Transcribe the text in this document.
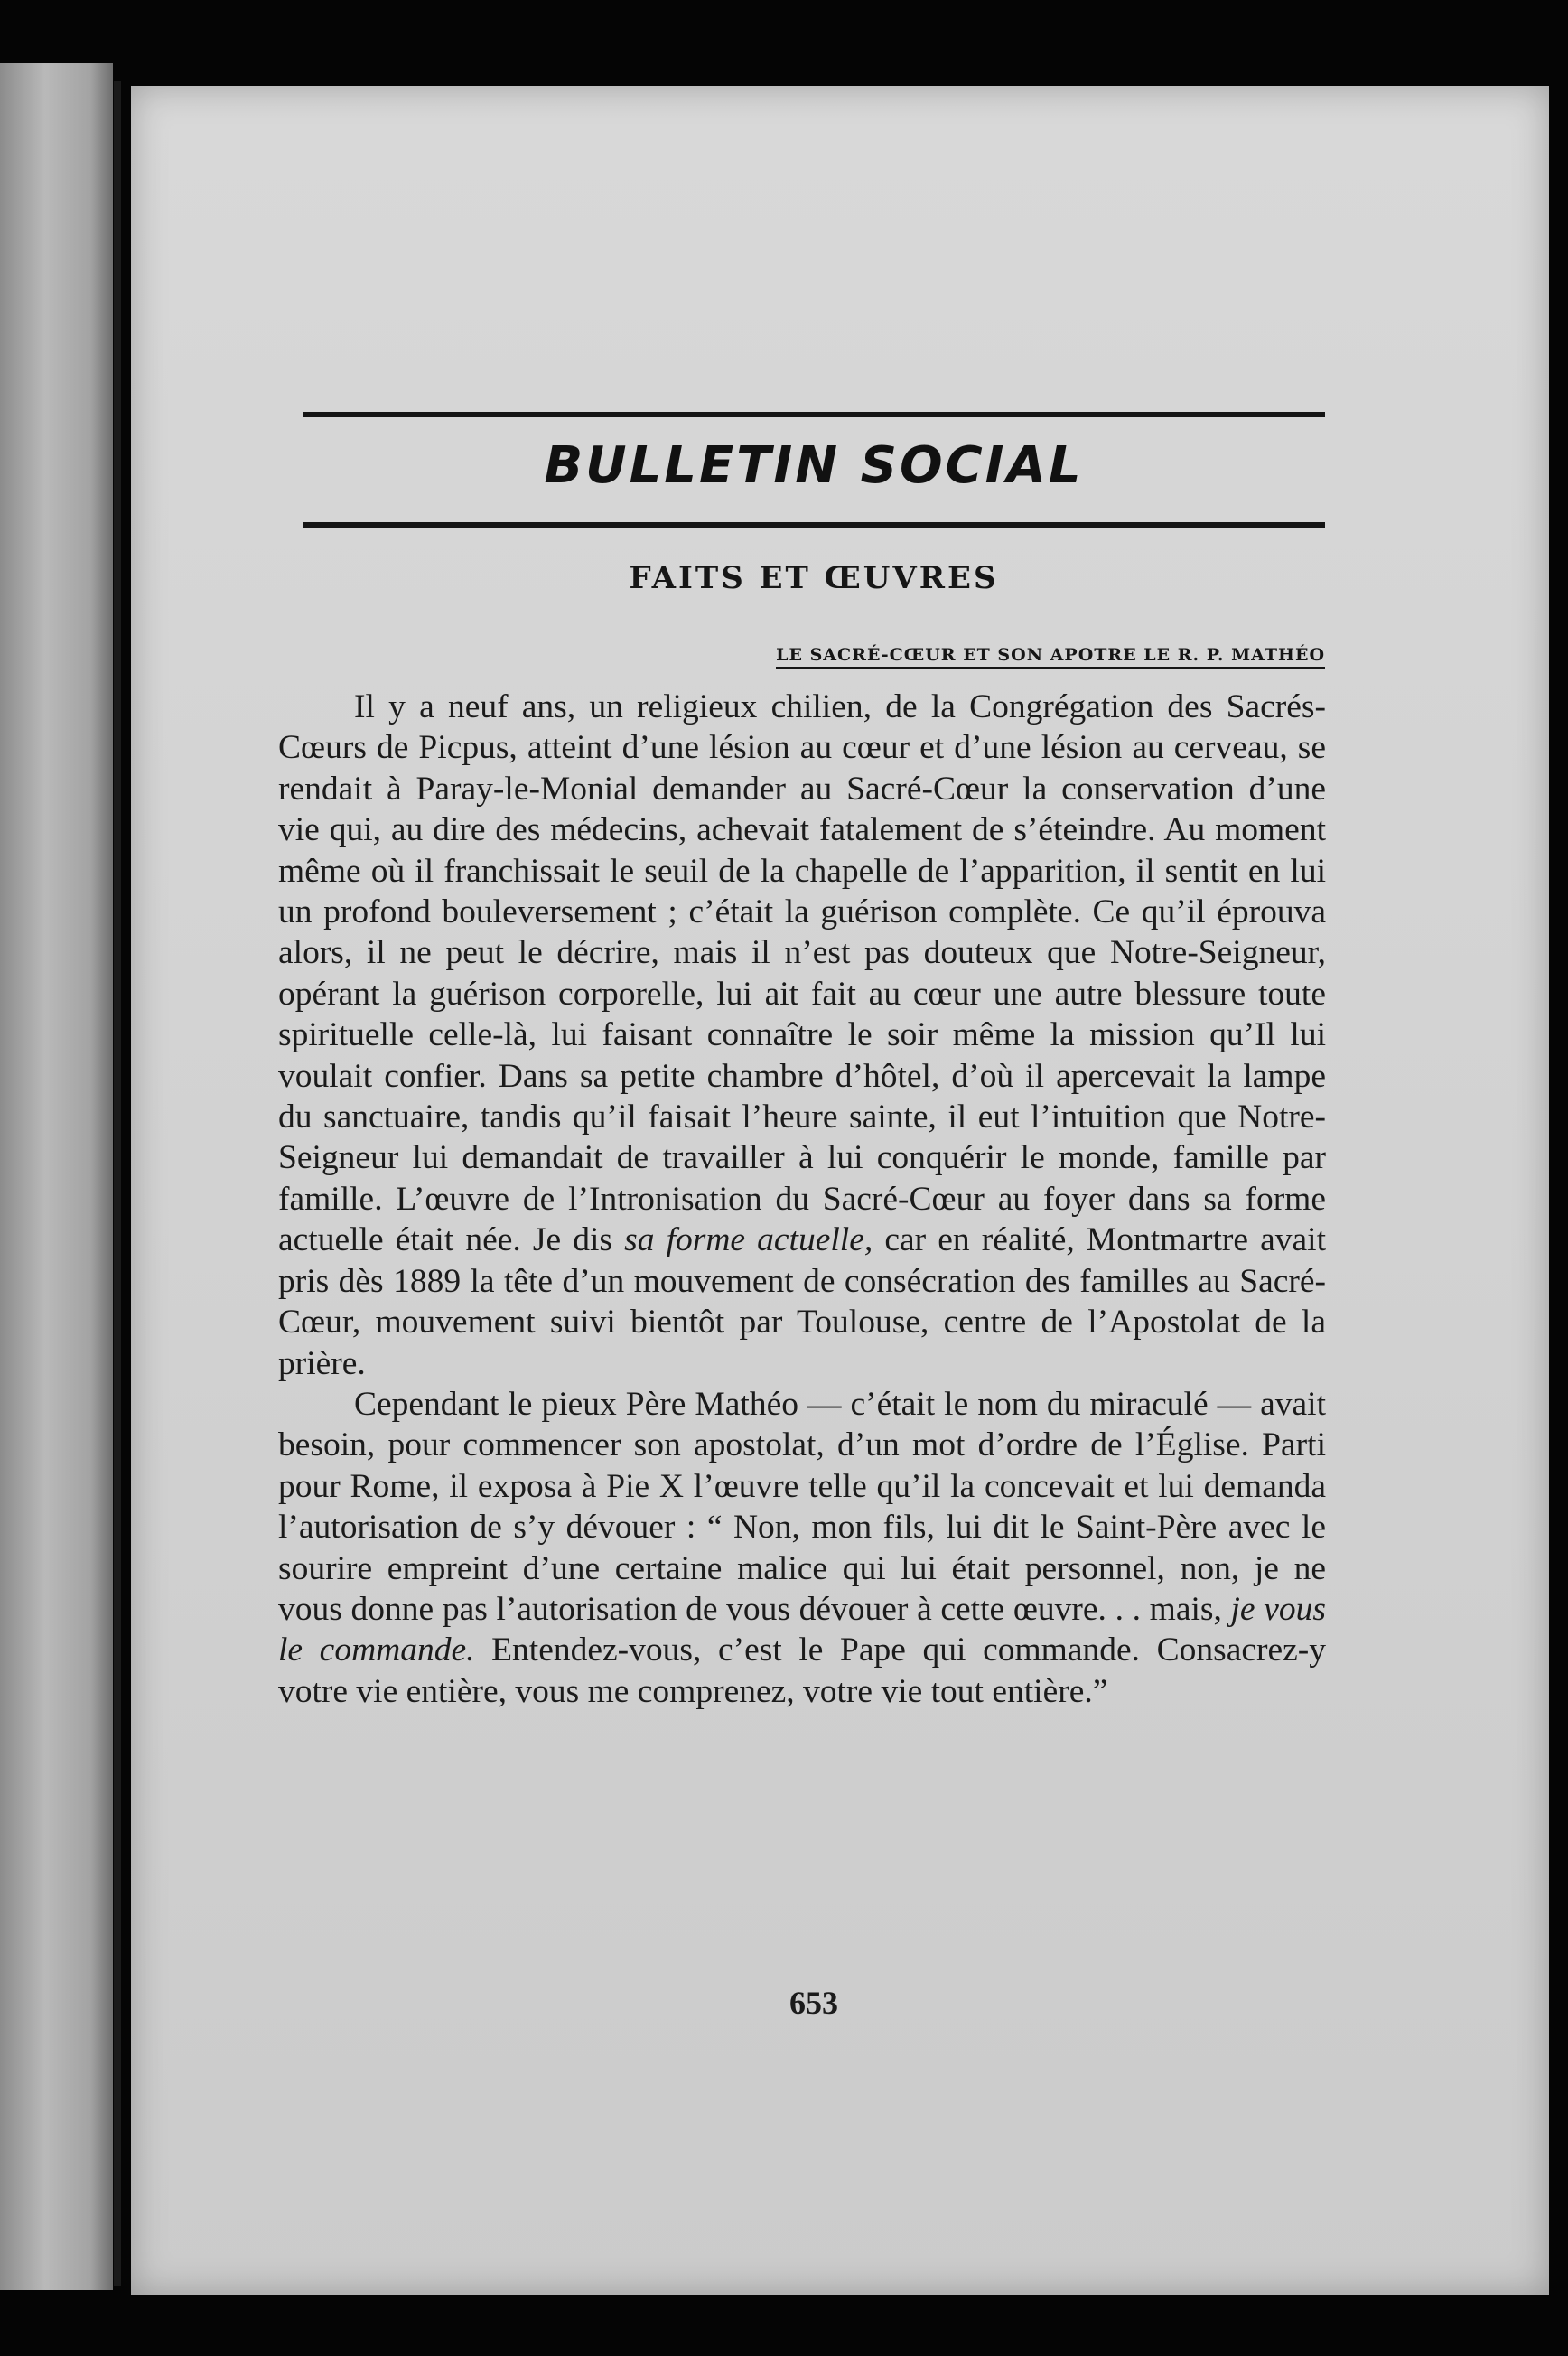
BULLETIN SOCIAL
FAITS ET ŒUVRES
LE SACRÉ-CŒUR ET SON APOTRE LE R. P. MATHÉO

Il y a neuf ans, un religieux chilien, de la Congrégation des Sacrés-Cœurs de Picpus, atteint d’une lésion au cœur et d’une lésion au cerveau, se rendait à Paray-le-Monial demander au Sacré-Cœur la conservation d’une vie qui, au dire des médecins, achevait fatalement de s’éteindre. Au moment même où il franchissait le seuil de la chapelle de l’apparition, il sentit en lui un profond bouleversement ; c’était la guérison complète. Ce qu’il éprouva alors, il ne peut le décrire, mais il n’est pas douteux que Notre-Seigneur, opérant la guérison corporelle, lui ait fait au cœur une autre blessure toute spirituelle celle-là, lui faisant connaître le soir même la mission qu’Il lui voulait confier. Dans sa petite chambre d’hôtel, d’où il apercevait la lampe du sanctuaire, tandis qu’il faisait l’heure sainte, il eut l’intuition que Notre-Seigneur lui demandait de travailler à lui conquérir le monde, famille par famille. L’œuvre de l’Intronisation du Sacré-Cœur au foyer dans sa forme actuelle était née. Je dis sa forme actuelle, car en réalité, Montmartre avait pris dès 1889 la tête d’un mouvement de consécration des familles au Sacré-Cœur, mouvement suivi bientôt par Toulouse, centre de l’Apostolat de la prière.

Cependant le pieux Père Mathéo — c’était le nom du miraculé — avait besoin, pour commencer son apostolat, d’un mot d’ordre de l’Église. Parti pour Rome, il exposa à Pie X l’œuvre telle qu’il la concevait et lui demanda l’autorisation de s’y dévouer : “ Non, mon fils, lui dit le Saint-Père avec le sourire empreint d’une certaine malice qui lui était personnel, non, je ne vous donne pas l’autorisation de vous dévouer à cette œuvre. . . mais, je vous le commande. Entendez-vous, c’est le Pape qui commande. Consacrez-y votre vie entière, vous me comprenez, votre vie tout entière.”

653
